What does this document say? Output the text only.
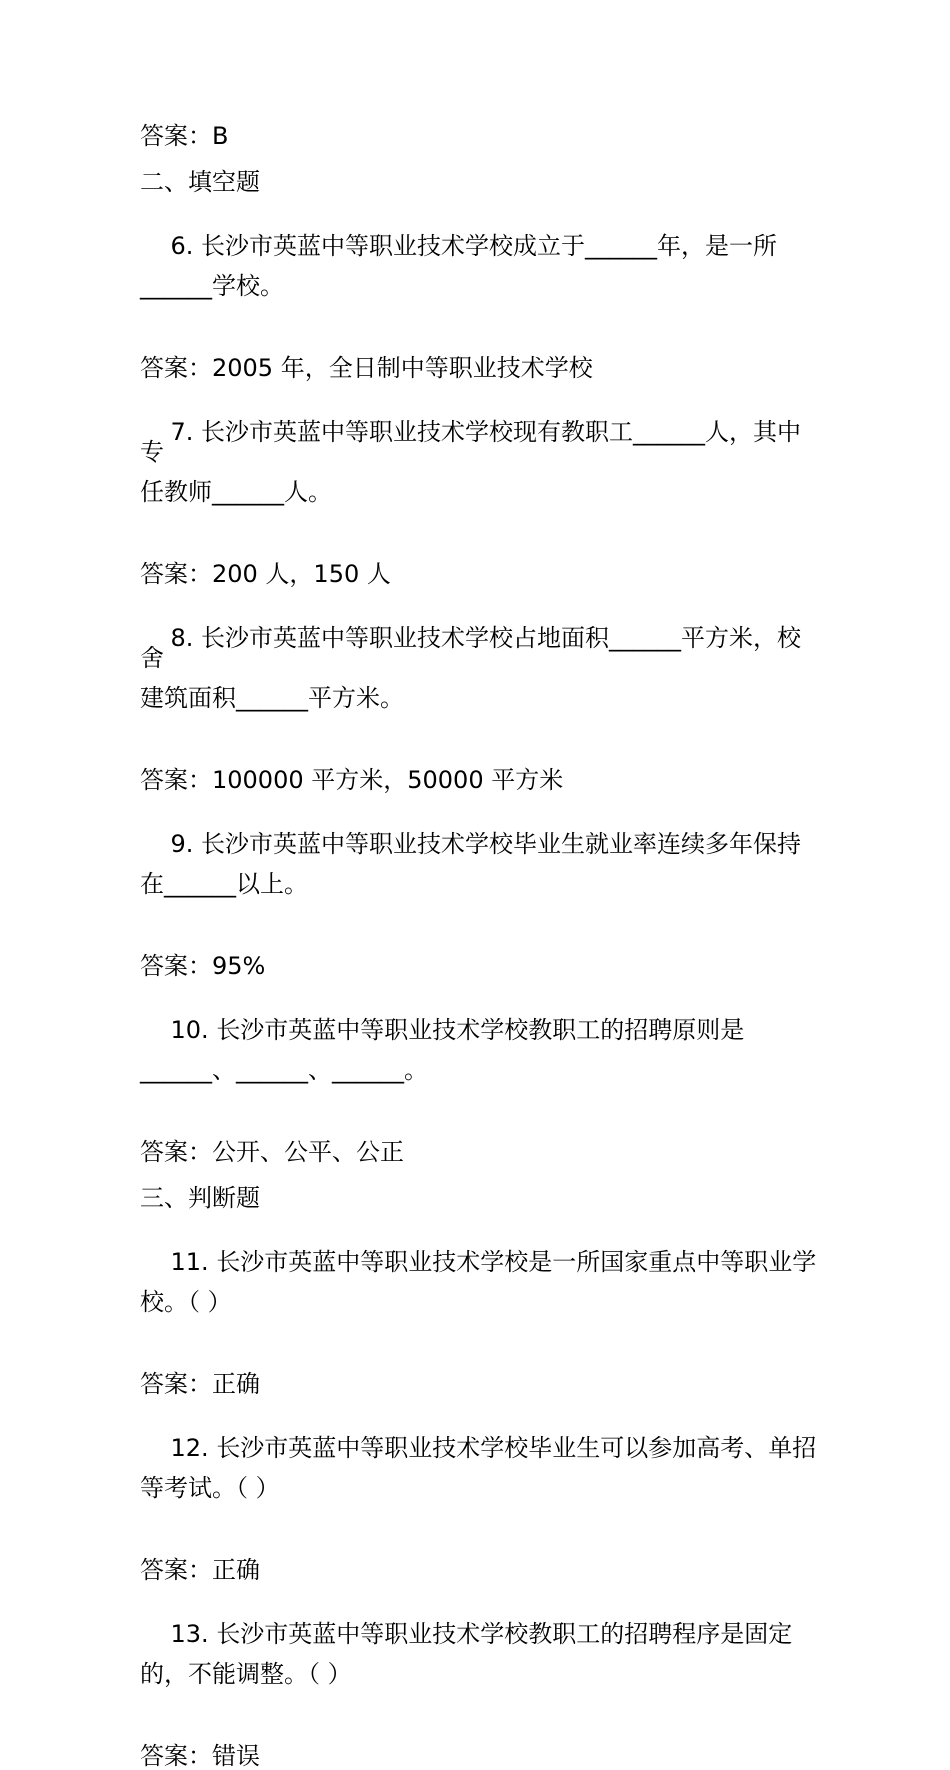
答案：B
二、填空题

6. 长沙市英蓝中等职业技术学校成立于______年，是一所

______学校。

答案：2005 年，全日制中等职业技术学校

7. 长沙市英蓝中等职业技术学校现有教职工______人，其中专

任教师______人。

答案：200 人，150 人

8. 长沙市英蓝中等职业技术学校占地面积______平方米，校舍

建筑面积______平方米。

答案：100000 平方米，50000 平方米

9. 长沙市英蓝中等职业技术学校毕业生就业率连续多年保持

在______以上。

答案：95%

10. 长沙市英蓝中等职业技术学校教职工的招聘原则是

______、______、______。

答案：公开、公平、公正
三、判断题

11. 长沙市英蓝中等职业技术学校是一所国家重点中等职业学

校。（ ）

答案：正确

12. 长沙市英蓝中等职业技术学校毕业生可以参加高考、单招

等考试。（ ）

答案：正确

13. 长沙市英蓝中等职业技术学校教职工的招聘程序是固定

的，不能调整。（ ）

答案：错误
